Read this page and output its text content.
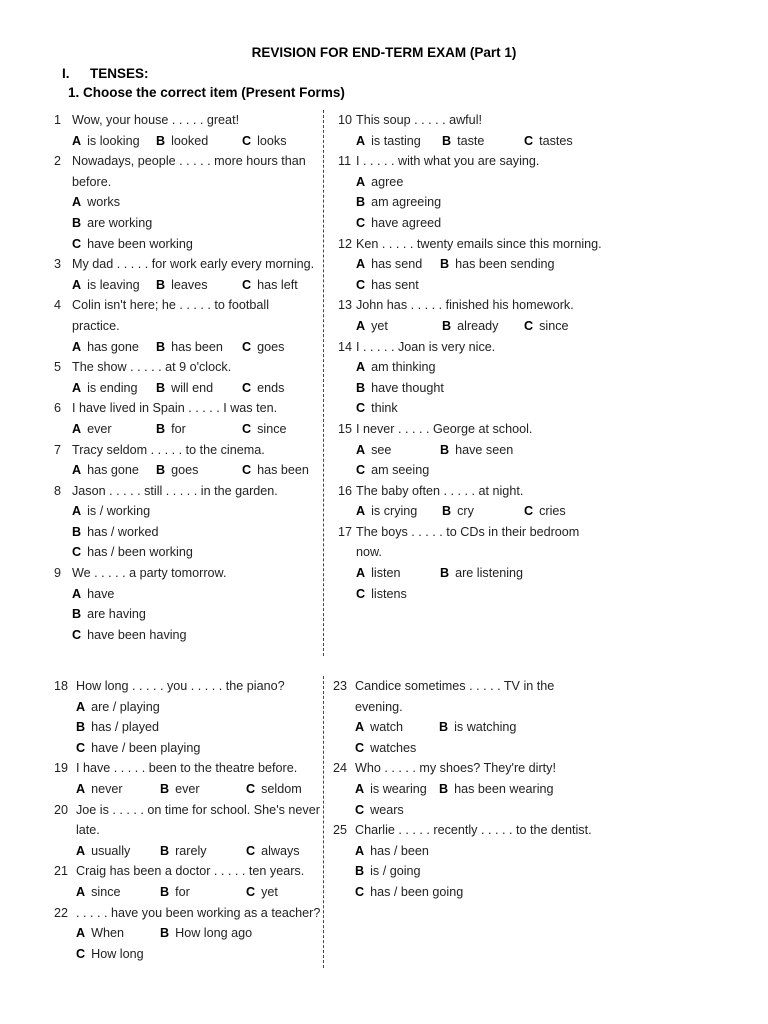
REVISION FOR END-TERM EXAM (Part 1)
I. TENSES:
1. Choose the correct item (Present Forms)
1 Wow, your house . . . . . great!
A is looking	B looked	C looks
2 Nowadays, people . . . . . more hours than before.
A works
B are working
C have been working
3 My dad . . . . . for work early every morning.
A is leaving	B leaves	C has left
4 Colin isn't here; he . . . . . to football practice.
A has gone	B has been	C goes
5 The show . . . . . at 9 o'clock.
A is ending	B will end	C ends
6 I have lived in Spain . . . . . I was ten.
A ever	B for	C since
7 Tracy seldom . . . . . to the cinema.
A has gone	B goes	C has been
8 Jason . . . . . still . . . . . in the garden.
A is / working
B has / worked
C has / been working
9 We . . . . . a party tomorrow.
A have
B are having
C have been having
10 This soup . . . . . awful!
A is tasting	B taste	C tastes
11 I . . . . . with what you are saying.
A agree
B am agreeing
C have agreed
12 Ken . . . . . twenty emails since this morning.
A has send	B has been sending
C has sent
13 John has . . . . . finished his homework.
A yet	B already	C since
14 I . . . . . Joan is very nice.
A am thinking
B have thought
C think
15 I never . . . . . George at school.
A see	B have seen
C am seeing
16 The baby often . . . . . at night.
A is crying	B cry	C cries
17 The boys . . . . . to CDs in their bedroom now.
A listen	B are listening
C listens
18 How long . . . . . you . . . . . the piano?
A are / playing
B has / played
C have / been playing
19 I have . . . . . been to the theatre before.
A never	B ever	C seldom
20 Joe is . . . . . on time for school. She's never late.
A usually	B rarely	C always
21 Craig has been a doctor . . . . . ten years.
A since	B for	C yet
22 . . . . . have you been working as a teacher?
A When	B How long ago
C How long
23 Candice sometimes . . . . . TV in the evening.
A watch	B is watching
C watches
24 Who . . . . . my shoes? They're dirty!
A is wearing B has been wearing
C wears
25 Charlie . . . . . recently . . . . . to the dentist.
A has / been
B is / going
C has / been going
